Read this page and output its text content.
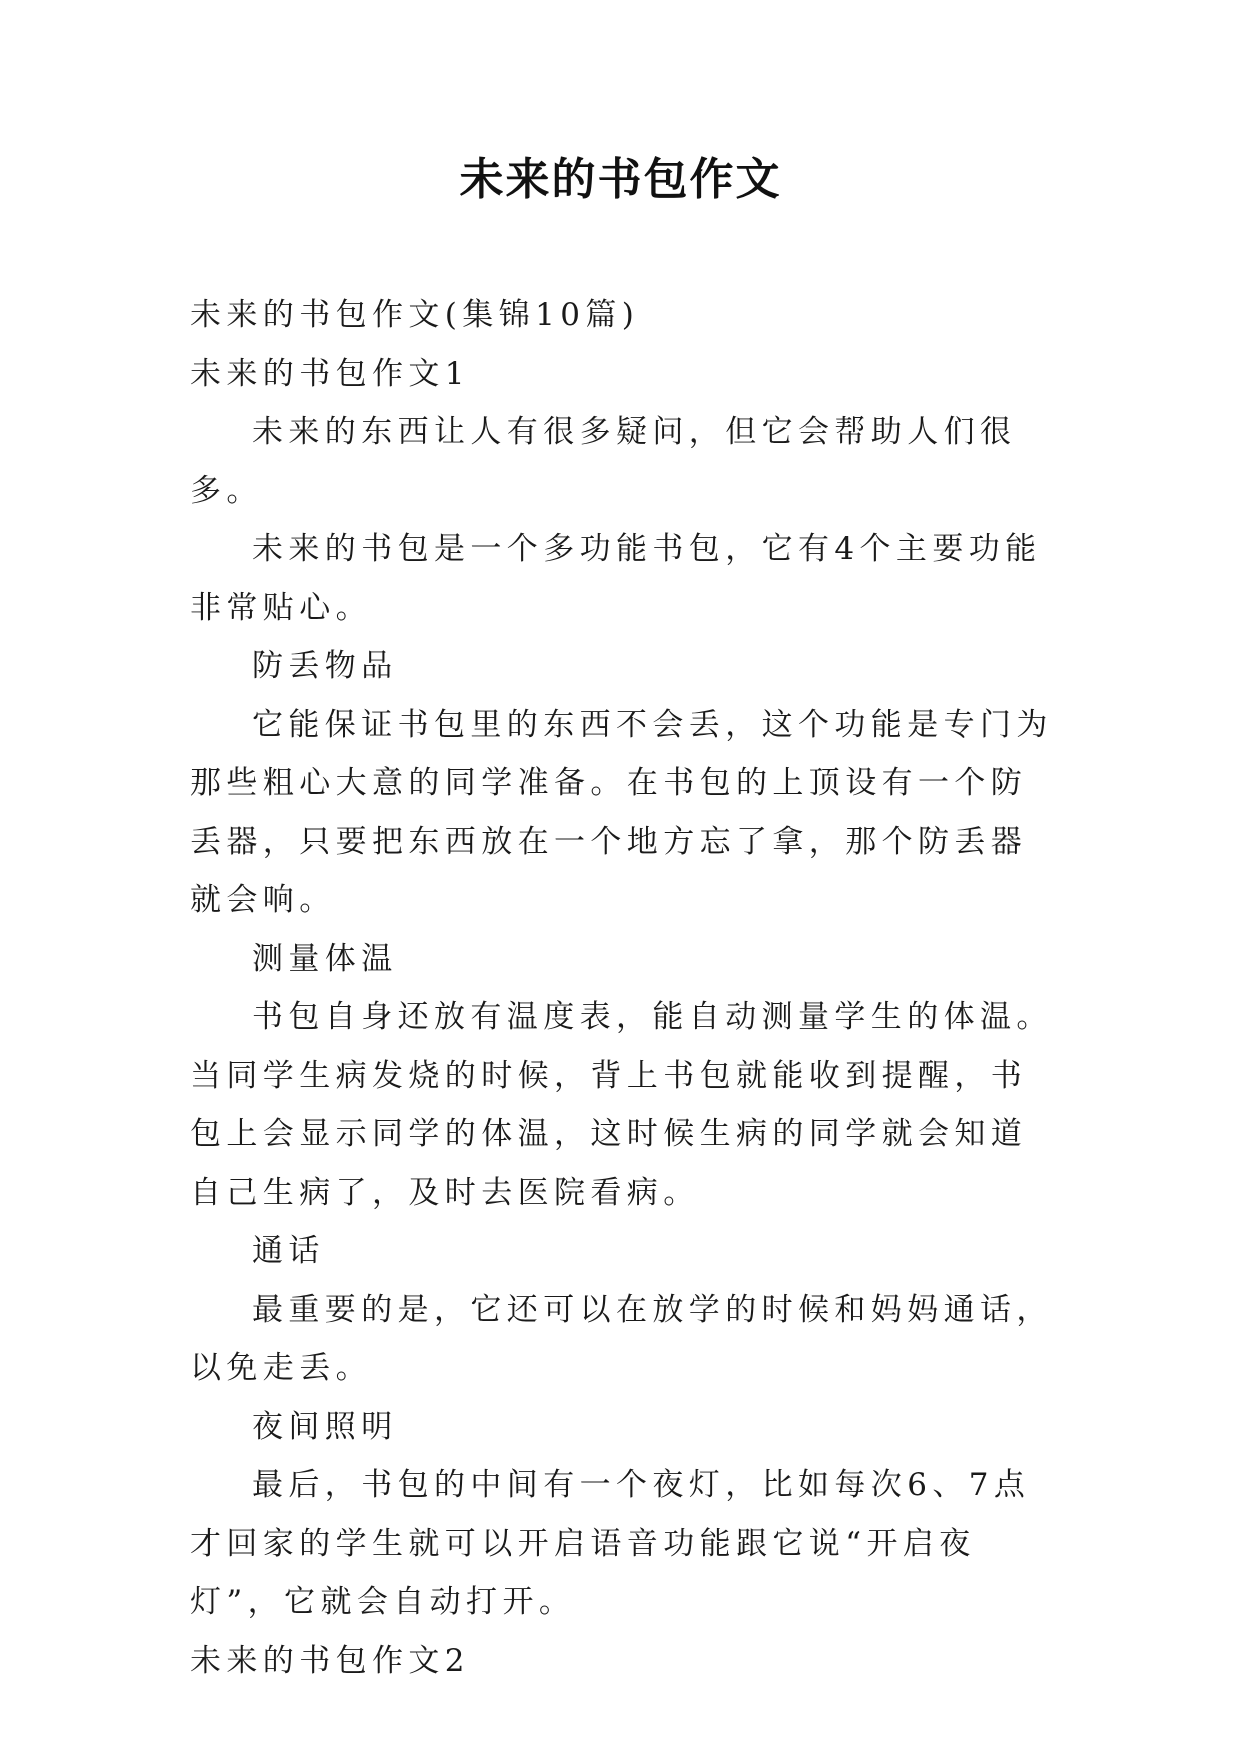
未来的书包作文

未来的书包作文(集锦10篇)

未来的书包作文1

未来的东西让人有很多疑问，但它会帮助人们很多。

未来的书包是一个多功能书包，它有4个主要功能非常贴心。

防丢物品

它能保证书包里的东西不会丢，这个功能是专门为那些粗心大意的同学准备。在书包的上顶设有一个防丢器，只要把东西放在一个地方忘了拿，那个防丢器就会响。

测量体温

书包自身还放有温度表，能自动测量学生的体温。当同学生病发烧的时候，背上书包就能收到提醒，书包上会显示同学的体温，这时候生病的同学就会知道自己生病了，及时去医院看病。

通话

最重要的是，它还可以在放学的时候和妈妈通话，以免走丢。

夜间照明

最后，书包的中间有一个夜灯，比如每次6、7点才回家的学生就可以开启语音功能跟它说“开启夜灯”，它就会自动打开。

未来的书包作文2
